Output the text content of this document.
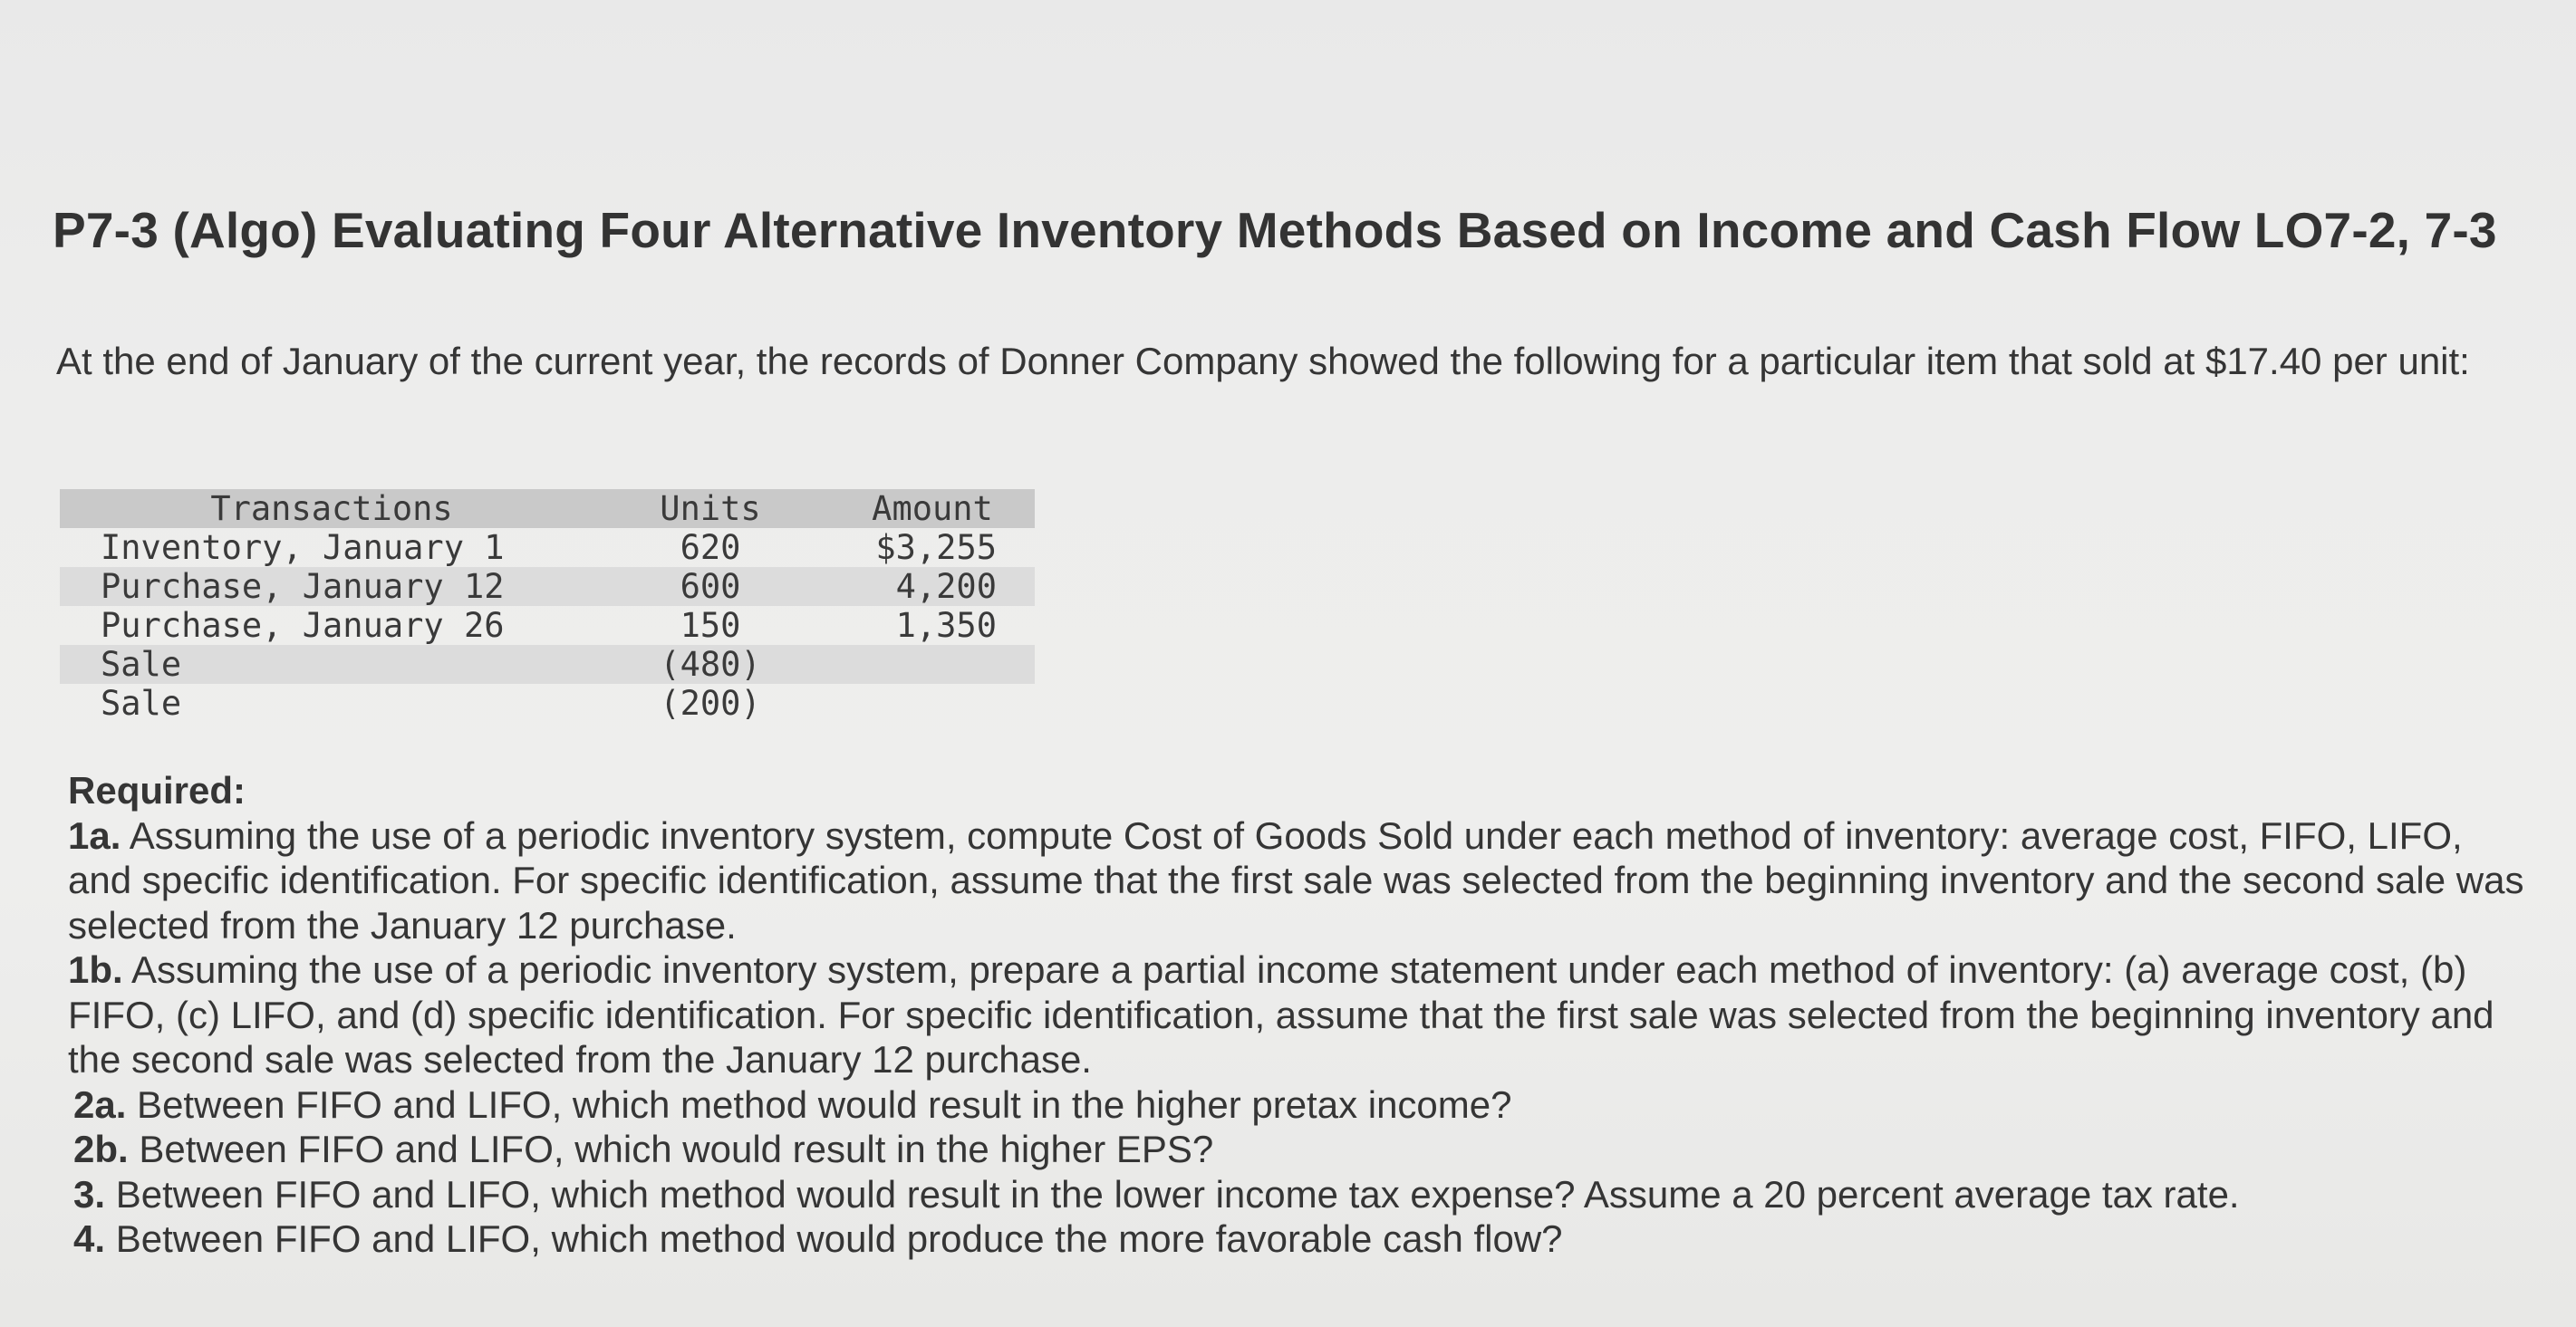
P7-3 (Algo) Evaluating Four Alternative Inventory Methods Based on Income and Cash Flow LO7-2, 7-3

At the end of January of the current year, the records of Donner Company showed the following for a particular item that sold at $17.40 per unit:

Transactions	Units	Amount
Inventory, January 1	620	$3,255
Purchase, January 12	600	4,200
Purchase, January 26	150	1,350
Sale	(480)	
Sale	(200)	
Required:
1a. Assuming the use of a periodic inventory system, compute Cost of Goods Sold under each method of inventory: average cost, FIFO, LIFO, and specific identification. For specific identification, assume that the first sale was selected from the beginning inventory and the second sale was selected from the January 12 purchase.
1b. Assuming the use of a periodic inventory system, prepare a partial income statement under each method of inventory: (a) average cost, (b) FIFO, (c) LIFO, and (d) specific identification. For specific identification, assume that the first sale was selected from the beginning inventory and the second sale was selected from the January 12 purchase.
2a. Between FIFO and LIFO, which method would result in the higher pretax income?
2b. Between FIFO and LIFO, which would result in the higher EPS?
3. Between FIFO and LIFO, which method would result in the lower income tax expense? Assume a 20 percent average tax rate.
4. Between FIFO and LIFO, which method would produce the more favorable cash flow?
